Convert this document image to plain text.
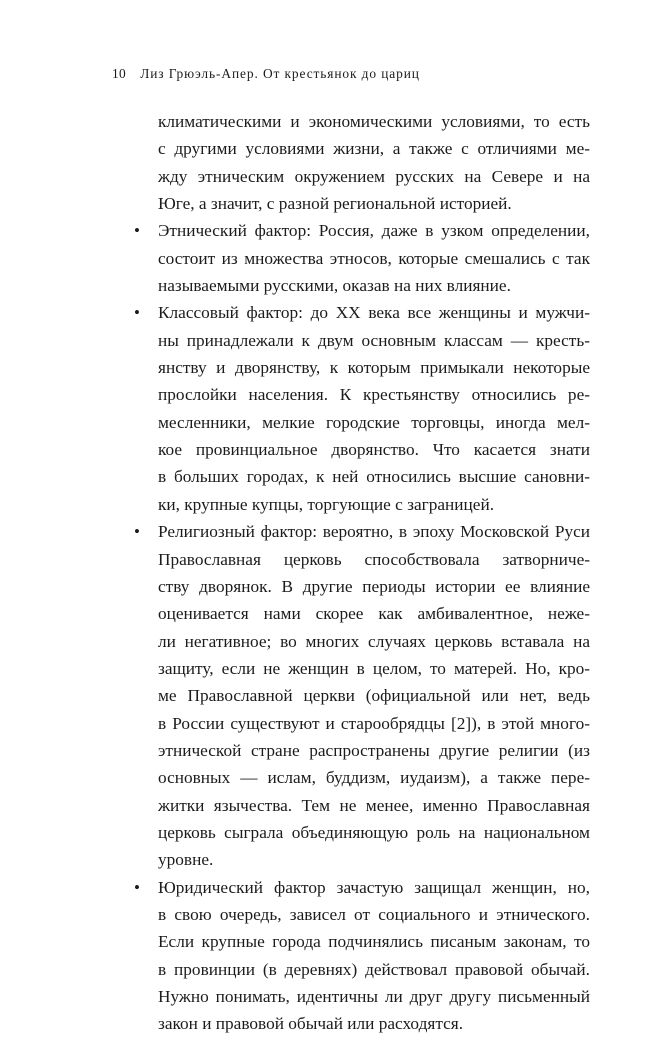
10 Лиз Грюэль-Апер. От крестьянок до цариц
климатическими и экономическими условиями, то есть
с другими условиями жизни, а также с отличиями ме-
жду этническим окружением русских на Севере и на
Юге, а значит, с разной региональной историей.
• Этнический фактор: Россия, даже в узком определении,
состоит из множества этносов, которые смешались с так
называемыми русскими, оказав на них влияние.
• Классовый фактор: до XX века все женщины и мужчи-
ны принадлежали к двум основным классам — кресть-
янству и дворянству, к которым примыкали некоторые
прослойки населения. К крестьянству относились ре-
месленники, мелкие городские торговцы, иногда мел-
кое провинциальное дворянство. Что касается знати
в больших городах, к ней относились высшие сановни-
ки, крупные купцы, торгующие с заграницей.
• Религиозный фактор: вероятно, в эпоху Московской Руси
Православная церковь способствовала затворниче-
ству дворянок. В другие периоды истории ее влияние
оценивается нами скорее как амбивалентное, неже-
ли негативное; во многих случаях церковь вставала на
защиту, если не женщин в целом, то матерей. Но, кро-
ме Православной церкви (официальной или нет, ведь
в России существуют и старообрядцы [2]), в этой много-
этнической стране распространены другие религии (из
основных — ислам, буддизм, иудаизм), а также пере-
житки язычества. Тем не менее, именно Православная
церковь сыграла объединяющую роль на национальном
уровне.
• Юридический фактор зачастую защищал женщин, но,
в свою очередь, зависел от социального и этнического.
Если крупные города подчинялись писаным законам, то
в провинции (в деревнях) действовал правовой обычай.
Нужно понимать, идентичны ли друг другу письменный
закон и правовой обычай или расходятся.
